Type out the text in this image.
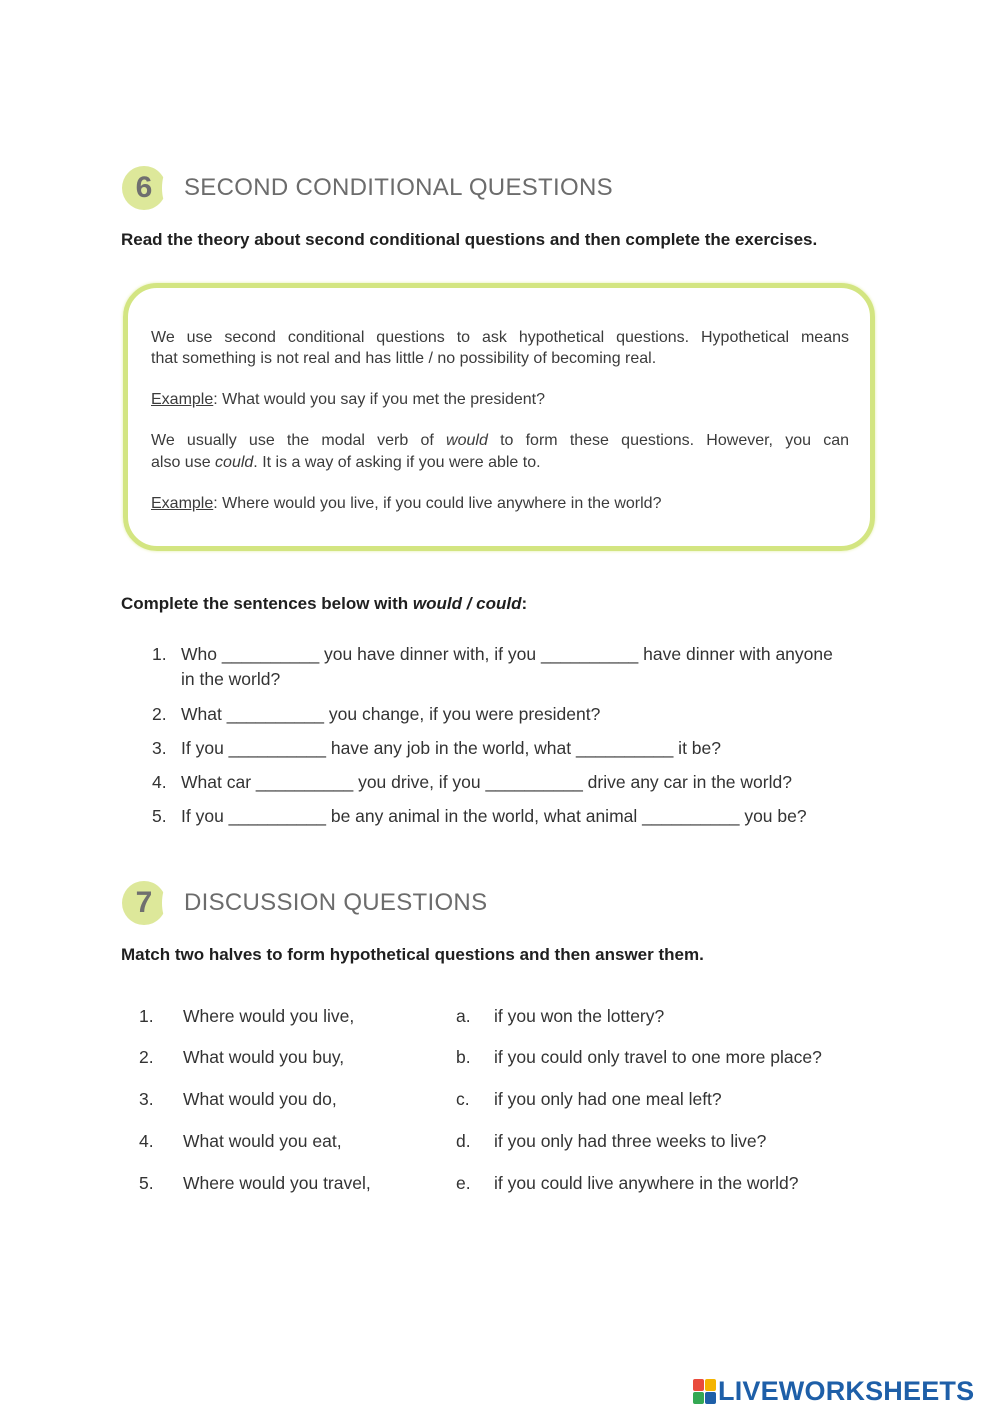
6	SECOND CONDITIONAL QUESTIONS
Read the theory about second conditional questions and then complete the exercises.
We use second conditional questions to ask hypothetical questions. Hypothetical means
that something is not real and has little / no possibility of becoming real.
Example: What would you say if you met the president?
We usually use the modal verb of would to form these questions. However, you can
also use could. It is a way of asking if you were able to.
Example: Where would you live, if you could live anywhere in the world?
Complete the sentences below with would / could:
1. Who __________ you have dinner with, if you __________ have dinner with anyone
in the world?
2. What __________ you change, if you were president?
3. If you __________ have any job in the world, what __________ it be?
4. What car __________ you drive, if you __________ drive any car in the world?
5. If you __________ be any animal in the world, what animal __________ you be?
7	DISCUSSION QUESTIONS
Match two halves to form hypothetical questions and then answer them.
1. Where would you live,	a. if you won the lottery?
2. What would you buy,	b. if you could only travel to one more place?
3. What would you do,	c. if you only had one meal left?
4. What would you eat,	d. if you only had three weeks to live?
5. Where would you travel,	e. if you could live anywhere in the world?
LIVEWORKSHEETS
